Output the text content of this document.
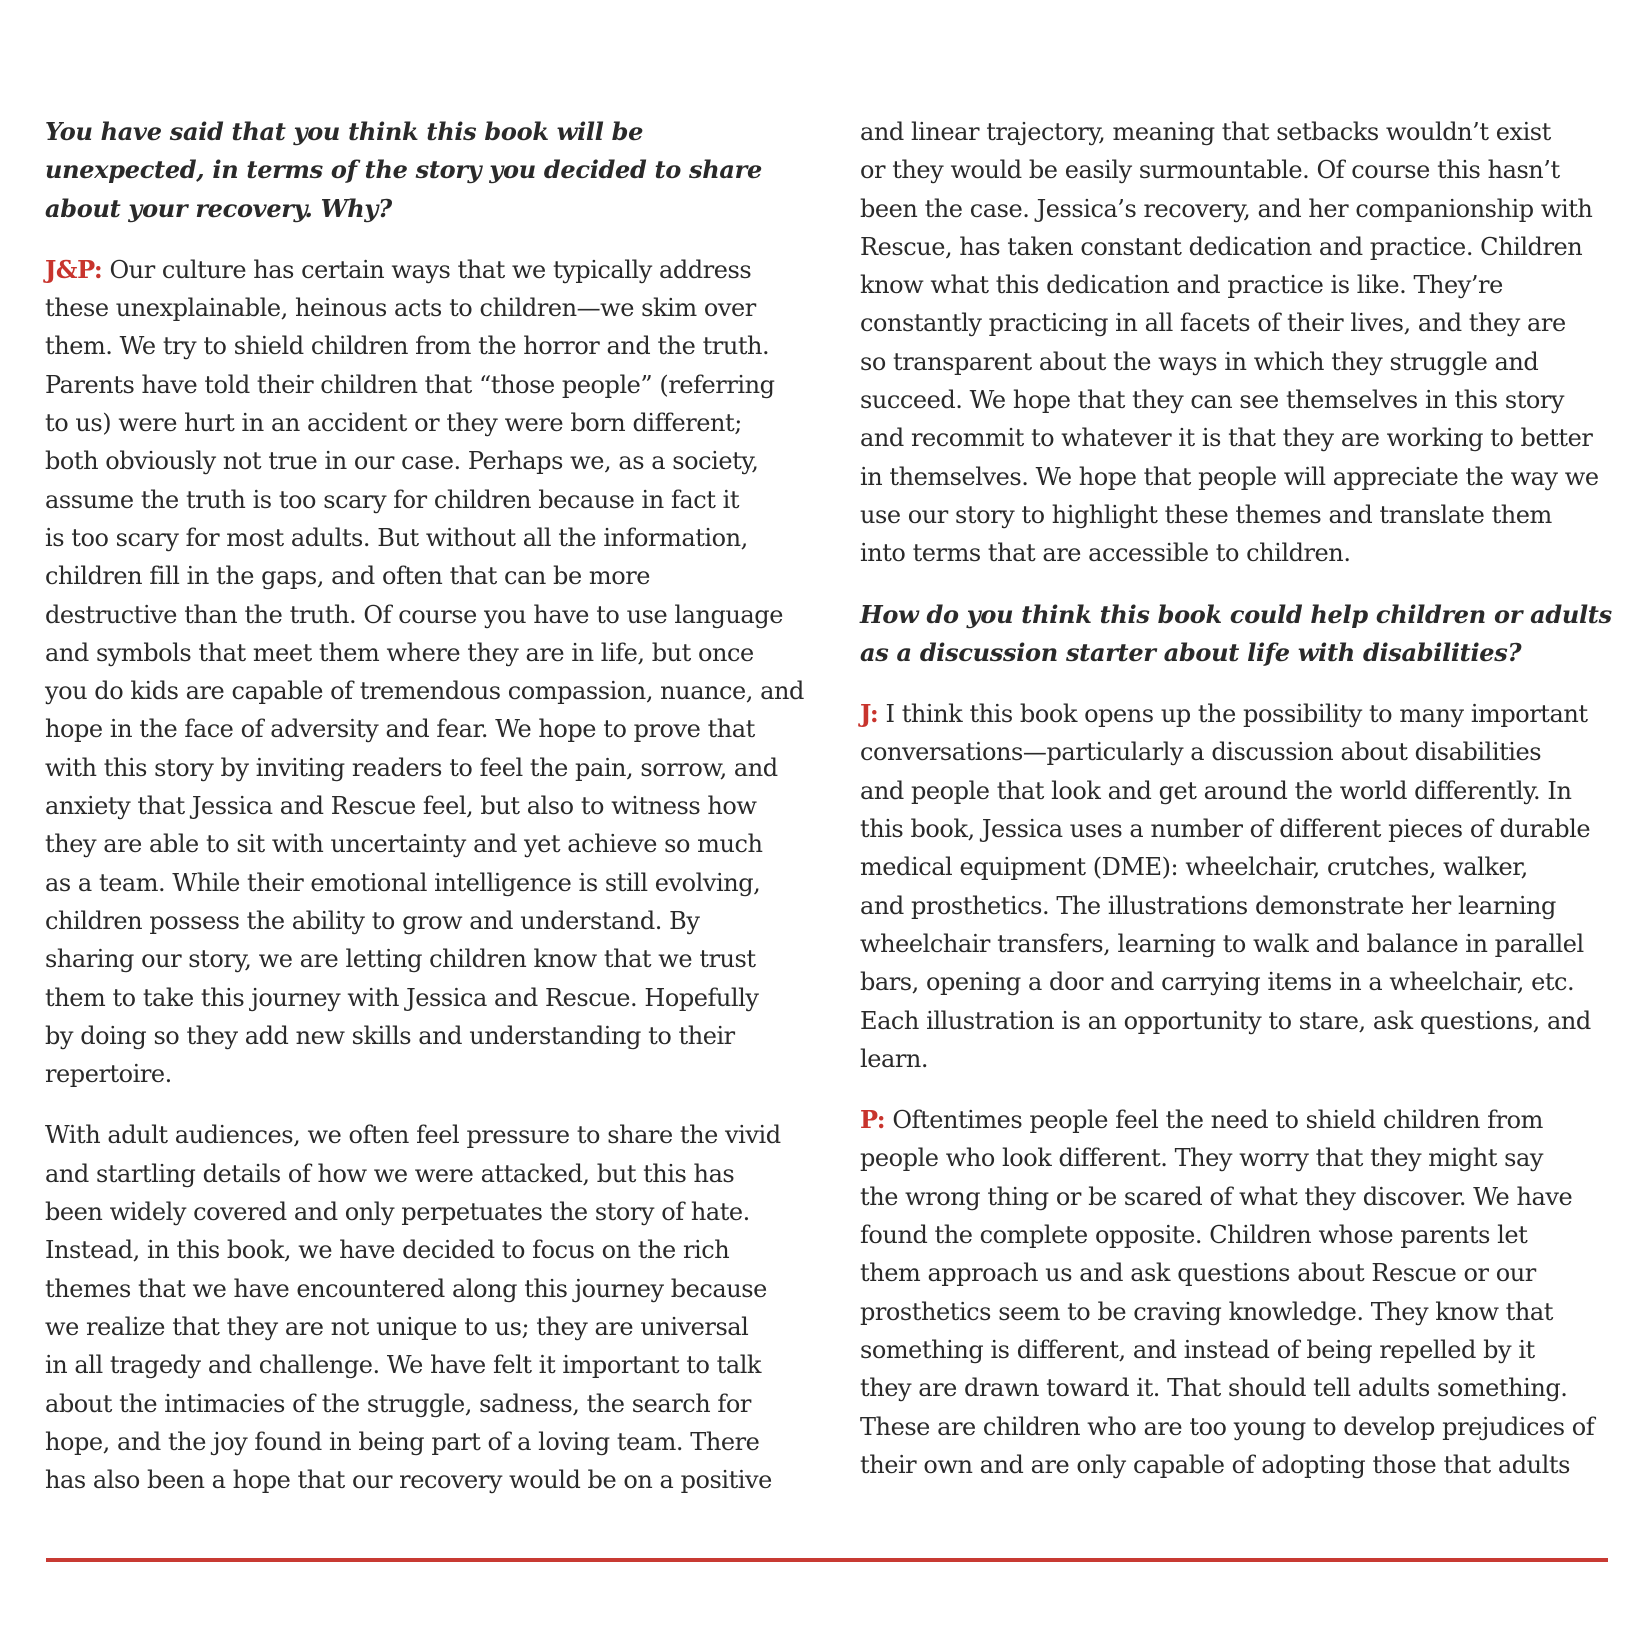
You have said that you think this book will be
unexpected, in terms of the story you decided to share
about your recovery. Why?
J&P: Our culture has certain ways that we typically address
these unexplainable, heinous acts to children—we skim over
them. We try to shield children from the horror and the truth.
Parents have told their children that “those people” (referring
to us) were hurt in an accident or they were born different;
both obviously not true in our case. Perhaps we, as a society,
assume the truth is too scary for children because in fact it
is too scary for most adults. But without all the information,
children fill in the gaps, and often that can be more
destructive than the truth. Of course you have to use language
and symbols that meet them where they are in life, but once
you do kids are capable of tremendous compassion, nuance, and
hope in the face of adversity and fear. We hope to prove that
with this story by inviting readers to feel the pain, sorrow, and
anxiety that Jessica and Rescue feel, but also to witness how
they are able to sit with uncertainty and yet achieve so much
as a team. While their emotional intelligence is still evolving,
children possess the ability to grow and understand. By
sharing our story, we are letting children know that we trust
them to take this journey with Jessica and Rescue. Hopefully
by doing so they add new skills and understanding to their
repertoire.
With adult audiences, we often feel pressure to share the vivid
and startling details of how we were attacked, but this has
been widely covered and only perpetuates the story of hate.
Instead, in this book, we have decided to focus on the rich
themes that we have encountered along this journey because
we realize that they are not unique to us; they are universal
in all tragedy and challenge. We have felt it important to talk
about the intimacies of the struggle, sadness, the search for
hope, and the joy found in being part of a loving team. There
has also been a hope that our recovery would be on a positive
and linear trajectory, meaning that setbacks wouldn’t exist
or they would be easily surmountable. Of course this hasn’t
been the case. Jessica’s recovery, and her companionship with
Rescue, has taken constant dedication and practice. Children
know what this dedication and practice is like. They’re
constantly practicing in all facets of their lives, and they are
so transparent about the ways in which they struggle and
succeed. We hope that they can see themselves in this story
and recommit to whatever it is that they are working to better
in themselves. We hope that people will appreciate the way we
use our story to highlight these themes and translate them
into terms that are accessible to children.
How do you think this book could help children or adults
as a discussion starter about life with disabilities?
J: I think this book opens up the possibility to many important
conversations—particularly a discussion about disabilities
and people that look and get around the world differently. In
this book, Jessica uses a number of different pieces of durable
medical equipment (DME): wheelchair, crutches, walker,
and prosthetics. The illustrations demonstrate her learning
wheelchair transfers, learning to walk and balance in parallel
bars, opening a door and carrying items in a wheelchair, etc.
Each illustration is an opportunity to stare, ask questions, and
learn.
P: Oftentimes people feel the need to shield children from
people who look different. They worry that they might say
the wrong thing or be scared of what they discover. We have
found the complete opposite. Children whose parents let
them approach us and ask questions about Rescue or our
prosthetics seem to be craving knowledge. They know that
something is different, and instead of being repelled by it
they are drawn toward it. That should tell adults something.
These are children who are too young to develop prejudices of
their own and are only capable of adopting those that adults
